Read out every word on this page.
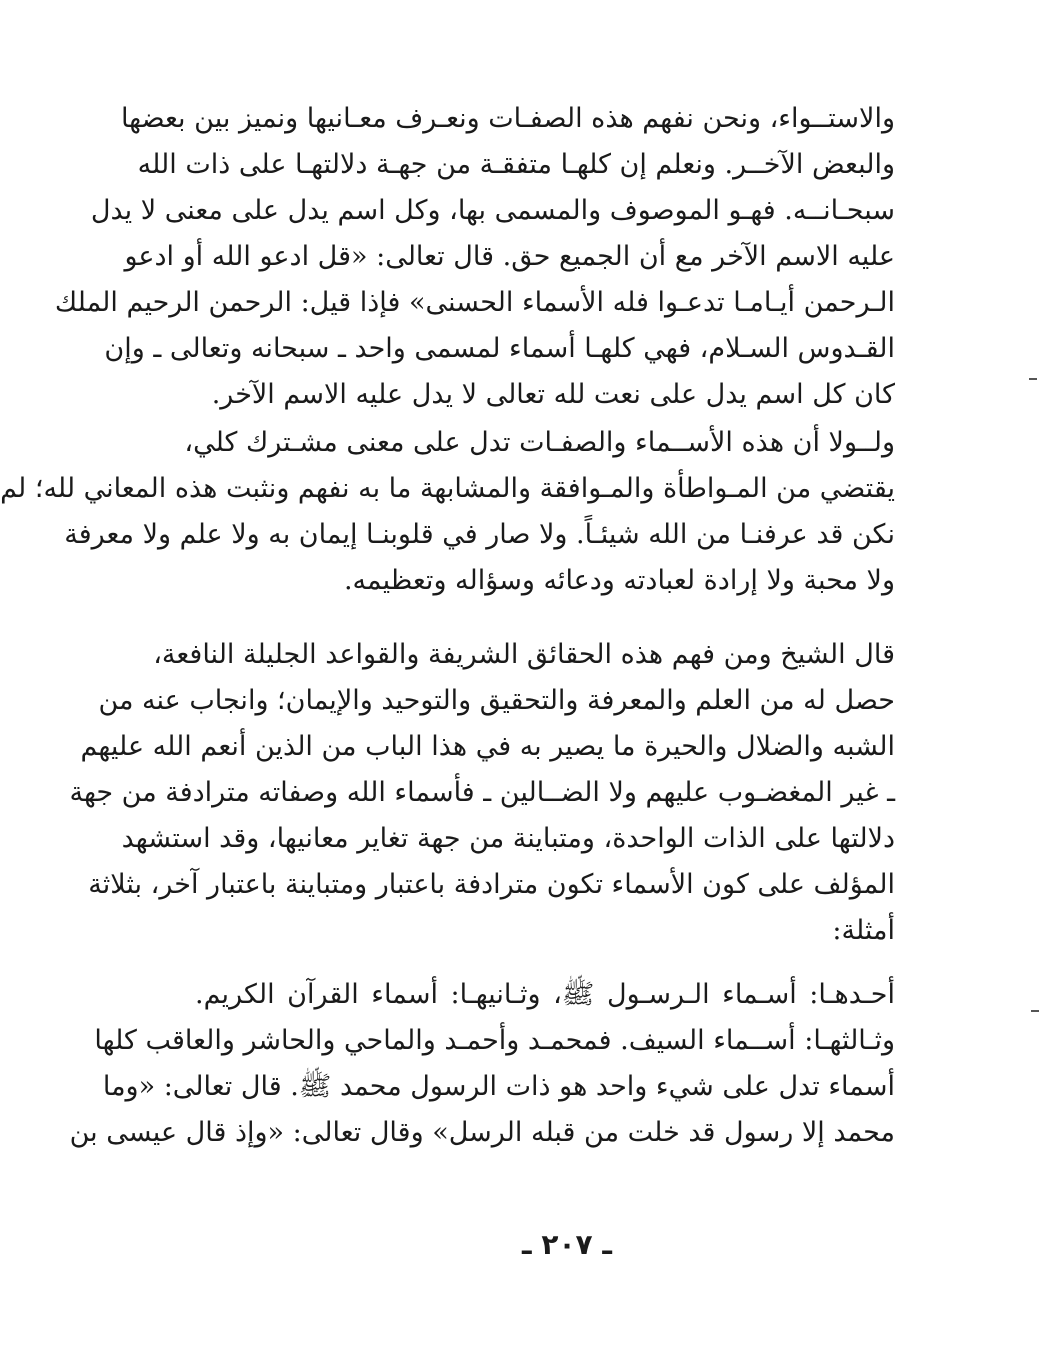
والاستــواء، ونحن نفهم هذه الصفـات ونعـرف معـانيها ونميز بين بعضها
والبعض الآخــر. ونعلم إن كلهـا متفقـة من جهـة دلالتهـا على ذات الله
سبحـانــه. فهـو الموصوف والمسمى بها، وكل اسم يدل على معنى لا يدل
عليه الاسم الآخر مع أن الجميع حق. قال تعالى: «قل ادعو الله أو ادعو
الـرحمن أيـامـا تدعـوا فله الأسماء الحسنى» فإذا قيل: الرحمن الرحيم الملك
القـدوس السـلام، فهي كلهـا أسماء لمسمى واحد ـ سبحانه وتعالى ـ وإن
كان كل اسم يدل على نعت لله تعالى لا يدل عليه الاسم الآخر.
ولــولا أن هذه الأســماء والصفـات تدل على معنى مشـترك كلي،
يقتضي من المـواطأة والمـوافقة والمشابهة ما به نفهم ونثبت هذه المعاني لله؛ لم
نكن قد عرفنـا من الله شيئـاً. ولا صار في قلوبنـا إيمان به ولا علم ولا معرفة
ولا محبة ولا إرادة لعبادته ودعائه وسؤاله وتعظيمه.
قال الشيخ ومن فهم هذه الحقائق الشريفة والقواعد الجليلة النافعة،
حصل له من العلم والمعرفة والتحقيق والتوحيد والإيمان؛ وانجاب عنه من
الشبه والضلال والحيرة ما يصير به في هذا الباب من الذين أنعم الله عليهم
ـ غير المغضـوب عليهم ولا الضــالين ـ فأسماء الله وصفاته مترادفة من جهة
دلالتها على الذات الواحدة، ومتباينة من جهة تغاير معانيها، وقد استشهد
المؤلف على كون الأسماء تكون مترادفة باعتبار ومتباينة باعتبار آخر، بثلاثة
أمثلة:
أحـدهـا: أسـماء الـرسـول ﷺ، وثـانيهـا: أسماء القرآن الكريم.
وثـالثهـا: أســماء السيف. فمحمـد وأحمـد والماحي والحاشر والعاقب كلها
أسماء تدل على شيء واحد هو ذات الرسول محمد ﷺ. قال تعالى: «وما
محمد إلا رسول قد خلت من قبله الرسل» وقال تعالى: «وإذ قال عيسى بن
ـ ٢٠٧ ـ
